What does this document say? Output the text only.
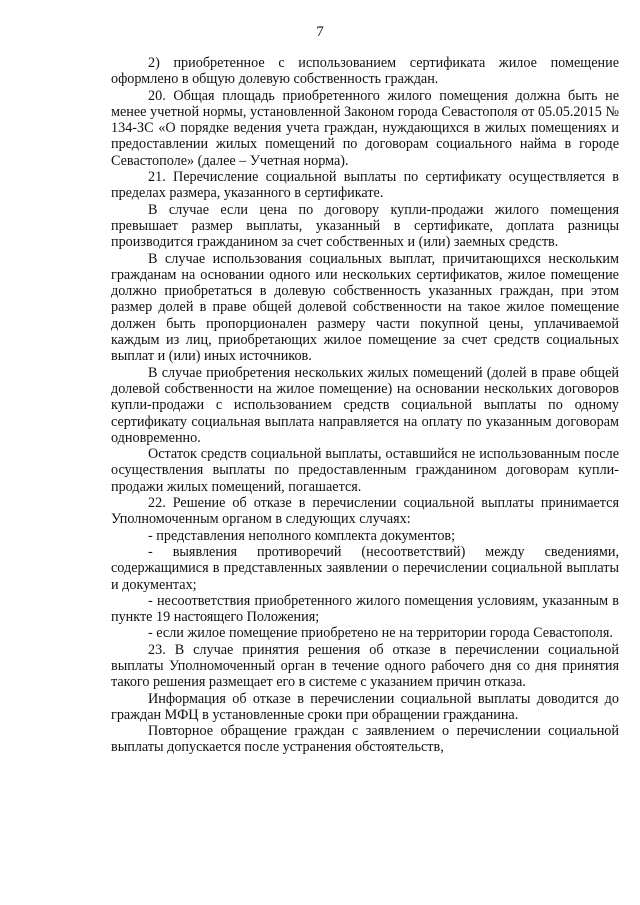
7

2) приобретенное с использованием сертификата жилое помещение оформлено в общую долевую собственность граждан.

20. Общая площадь приобретенного жилого помещения должна быть не менее учетной нормы, установленной Законом города Севастополя от 05.05.2015 № 134-ЗС «О порядке ведения учета граждан, нуждающихся в жилых помещениях и предоставлении жилых помещений по договорам социального найма в городе Севастополе» (далее – Учетная норма).

21. Перечисление социальной выплаты по сертификату осуществляется в пределах размера, указанного в сертификате.

В случае если цена по договору купли-продажи жилого помещения превышает размер выплаты, указанный в сертификате, доплата разницы производится гражданином за счет собственных и (или) заемных средств.

В случае использования социальных выплат, причитающихся нескольким гражданам на основании одного или нескольких сертификатов, жилое помещение должно приобретаться в долевую собственность указанных граждан, при этом размер долей в праве общей долевой собственности на такое жилое помещение должен быть пропорционален размеру части покупной цены, уплачиваемой каждым из лиц, приобретающих жилое помещение за счет средств социальных выплат и (или) иных источников.

В случае приобретения нескольких жилых помещений (долей в праве общей долевой собственности на жилое помещение) на основании нескольких договоров купли-продажи с использованием средств социальной выплаты по одному сертификату социальная выплата направляется на оплату по указанным договорам одновременно.

Остаток средств социальной выплаты, оставшийся не использованным после осуществления выплаты по предоставленным гражданином договорам купли-продажи жилых помещений, погашается.

22. Решение об отказе в перечислении социальной выплаты принимается Уполномоченным органом в следующих случаях:

- представления неполного комплекта документов;

- выявления противоречий (несоответствий) между сведениями, содержащимися в представленных заявлении о перечислении социальной выплаты и документах;

- несоответствия приобретенного жилого помещения условиям, указанным в пункте 19 настоящего Положения;

- если жилое помещение приобретено не на территории города Севастополя.

23. В случае принятия решения об отказе в перечислении социальной выплаты Уполномоченный орган в течение одного рабочего дня со дня принятия такого решения размещает его в системе с указанием причин отказа.

Информация об отказе в перечислении социальной выплаты доводится до граждан МФЦ в установленные сроки при обращении гражданина.

Повторное обращение граждан с заявлением о перечислении социальной выплаты допускается после устранения обстоятельств,
